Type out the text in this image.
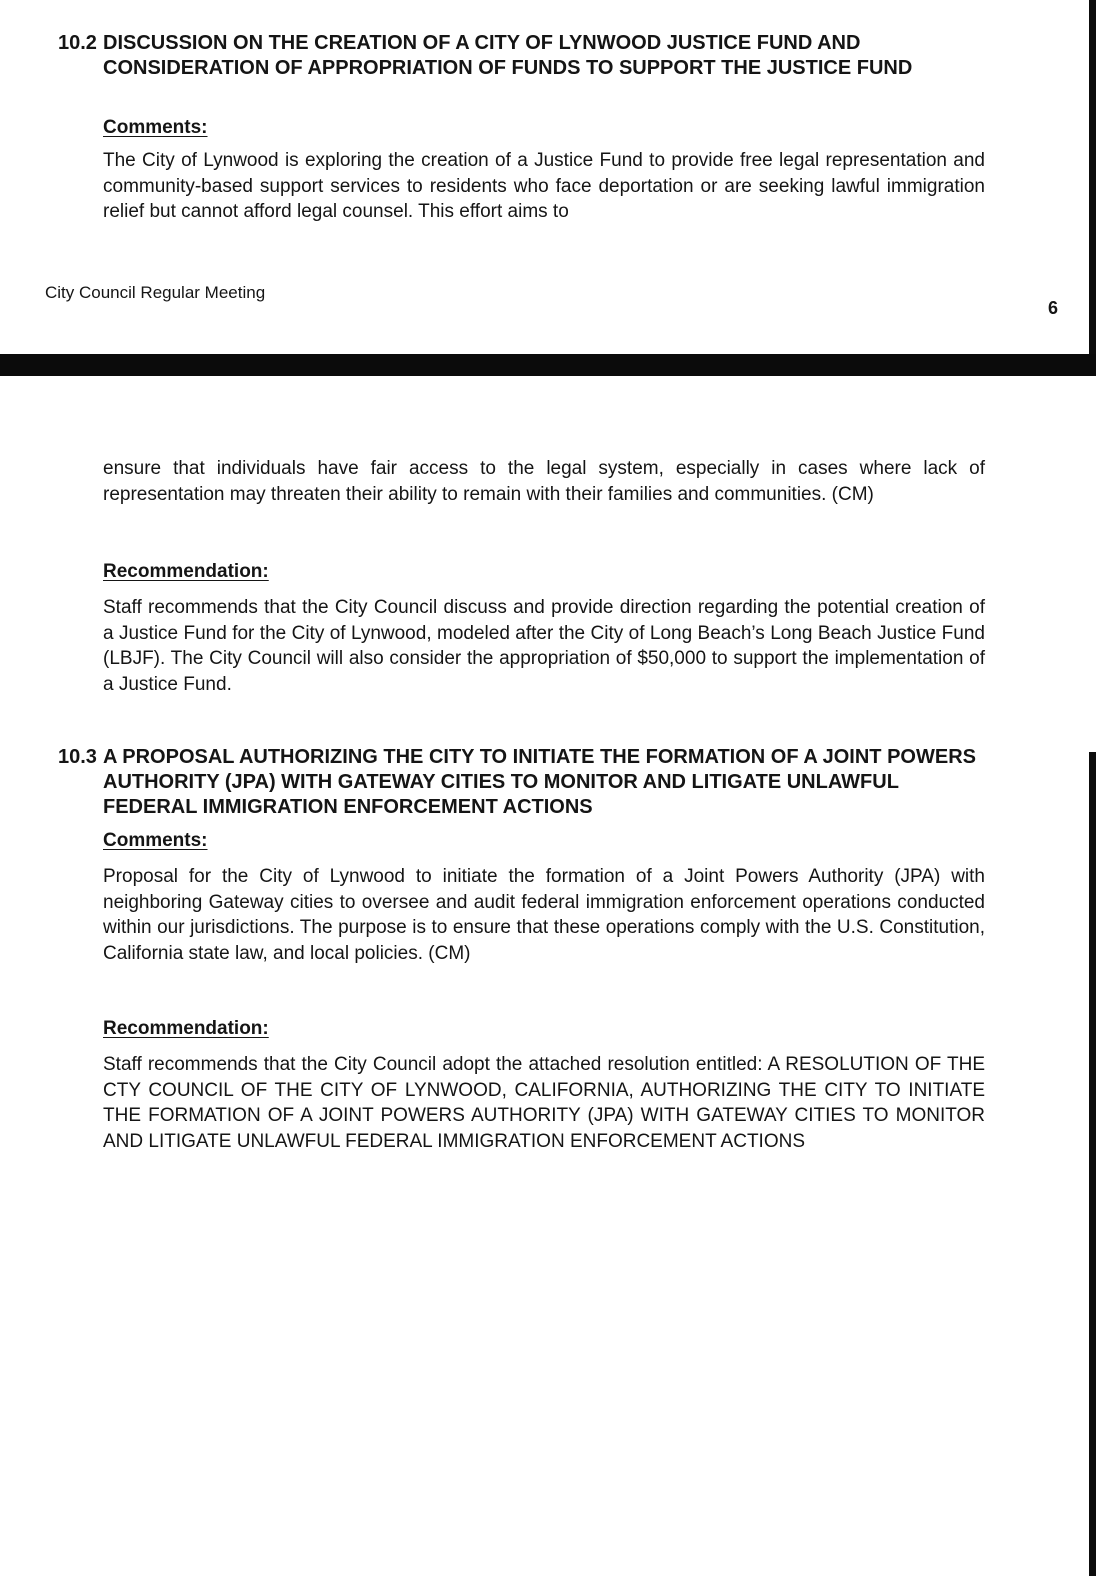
10.2 DISCUSSION ON THE CREATION OF A CITY OF LYNWOOD JUSTICE FUND AND CONSIDERATION OF APPROPRIATION OF FUNDS TO SUPPORT THE JUSTICE FUND
Comments:

The City of Lynwood is exploring the creation of a Justice Fund to provide free legal representation and community-based support services to residents who face deportation or are seeking lawful immigration relief but cannot afford legal counsel. This effort aims to

City Council Regular Meeting
6

ensure that individuals have fair access to the legal system, especially in cases where lack of representation may threaten their ability to remain with their families and communities. (CM)

Recommendation:

Staff recommends that the City Council discuss and provide direction regarding the potential creation of a Justice Fund for the City of Lynwood, modeled after the City of Long Beach’s Long Beach Justice Fund (LBJF). The City Council will also consider the appropriation of $50,000 to support the implementation of a Justice Fund.

10.3 A PROPOSAL AUTHORIZING THE CITY TO INITIATE THE FORMATION OF A JOINT POWERS AUTHORITY (JPA) WITH GATEWAY CITIES TO MONITOR AND LITIGATE UNLAWFUL FEDERAL IMMIGRATION ENFORCEMENT ACTIONS
Comments:

Proposal for the City of Lynwood to initiate the formation of a Joint Powers Authority (JPA) with neighboring Gateway cities to oversee and audit federal immigration enforcement operations conducted within our jurisdictions. The purpose is to ensure that these operations comply with the U.S. Constitution, California state law, and local policies. (CM)

Recommendation:

Staff recommends that the City Council adopt the attached resolution entitled: A RESOLUTION OF THE CTY COUNCIL OF THE CITY OF LYNWOOD, CALIFORNIA, AUTHORIZING THE CITY TO INITIATE THE FORMATION OF A JOINT POWERS AUTHORITY (JPA) WITH GATEWAY CITIES TO MONITOR AND LITIGATE UNLAWFUL FEDERAL IMMIGRATION ENFORCEMENT ACTIONS
